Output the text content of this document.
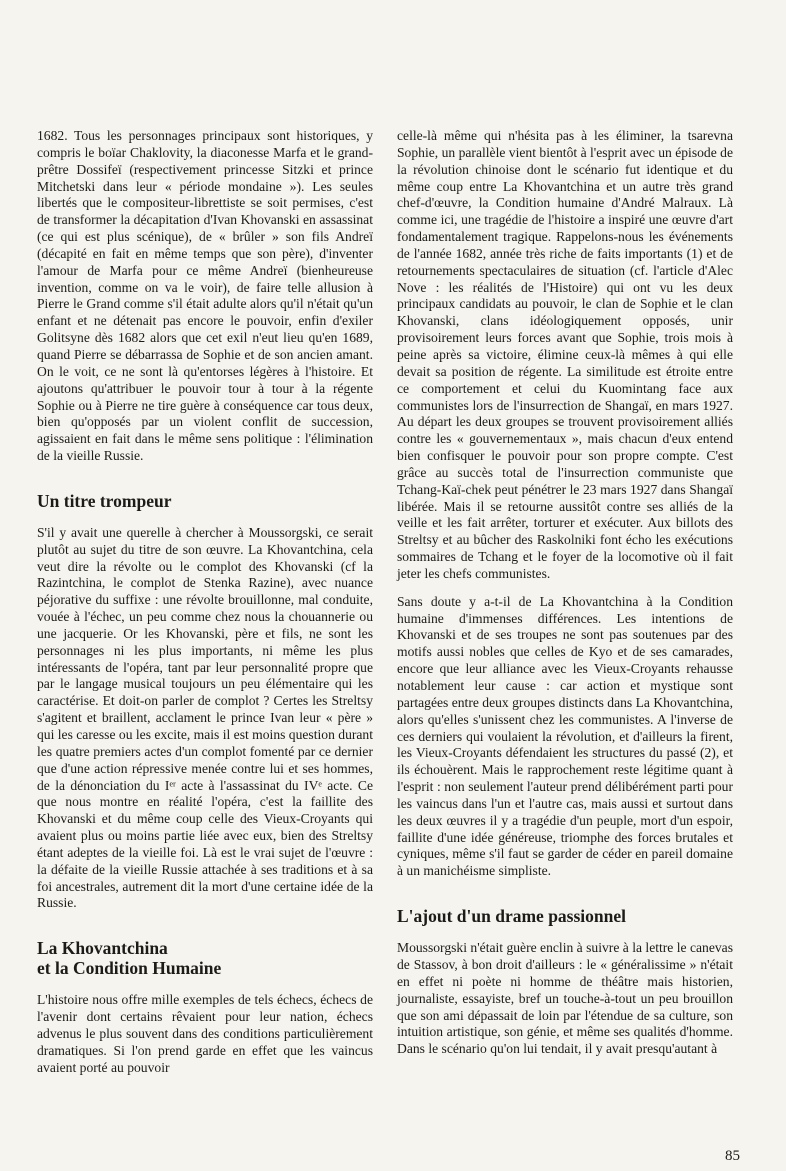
1682. Tous les personnages principaux sont historiques, y compris le boïar Chaklovity, la diaconesse Marfa et le grand-prêtre Dossifeï (respectivement princesse Sitzki et prince Mitchetski dans leur « période mondaine »). Les seules libertés que le compositeur-librettiste se soit permises, c'est de transformer la décapitation d'Ivan Khovanski en assassinat (ce qui est plus scénique), de « brûler » son fils Andreï (décapité en fait en même temps que son père), d'inventer l'amour de Marfa pour ce même Andreï (bienheureuse invention, comme on va le voir), de faire telle allusion à Pierre le Grand comme s'il était adulte alors qu'il n'était qu'un enfant et ne détenait pas encore le pouvoir, enfin d'exiler Golitsyne dès 1682 alors que cet exil n'eut lieu qu'en 1689, quand Pierre se débarrassa de Sophie et de son ancien amant. On le voit, ce ne sont là qu'entorses légères à l'histoire. Et ajoutons qu'attribuer le pouvoir tour à tour à la régente Sophie ou à Pierre ne tire guère à conséquence car tous deux, bien qu'opposés par un violent conflit de succession, agissaient en fait dans le même sens politique : l'élimination de la vieille Russie.

Un titre trompeur

S'il y avait une querelle à chercher à Moussorgski, ce serait plutôt au sujet du titre de son œuvre. La Khovantchina, cela veut dire la révolte ou le complot des Khovanski (cf la Razintchina, le complot de Stenka Razine), avec nuance péjorative du suffixe : une révolte brouillonne, mal conduite, vouée à l'échec, un peu comme chez nous la chouannerie ou une jacquerie. Or les Khovanski, père et fils, ne sont les personnages ni les plus importants, ni même les plus intéressants de l'opéra, tant par leur personnalité propre que par le langage musical toujours un peu élémentaire qui les caractérise. Et doit-on parler de complot ? Certes les Streltsy s'agitent et braillent, acclament le prince Ivan leur « père » qui les caresse ou les excite, mais il est moins question durant les quatre premiers actes d'un complot fomenté par ce dernier que d'une action répressive menée contre lui et ses hommes, de la dénonciation du Iᵉʳ acte à l'assassinat du IVᵉ acte. Ce que nous montre en réalité l'opéra, c'est la faillite des Khovanski et du même coup celle des Vieux-Croyants qui avaient plus ou moins partie liée avec eux, bien des Streltsy étant adeptes de la vieille foi. Là est le vrai sujet de l'œuvre : la défaite de la vieille Russie attachée à ses traditions et à sa foi ancestrales, autrement dit la mort d'une certaine idée de la Russie.

La Khovantchina
et la Condition Humaine

L'histoire nous offre mille exemples de tels échecs, échecs de l'avenir dont certains rêvaient pour leur nation, échecs advenus le plus souvent dans des conditions particulièrement dramatiques. Si l'on prend garde en effet que les vaincus avaient porté au pouvoir

celle-là même qui n'hésita pas à les éliminer, la tsarevna Sophie, un parallèle vient bientôt à l'esprit avec un épisode de la révolution chinoise dont le scénario fut identique et du même coup entre La Khovantchina et un autre très grand chef-d'œuvre, la Condition humaine d'André Malraux. Là comme ici, une tragédie de l'histoire a inspiré une œuvre d'art fondamentalement tragique. Rappelons-nous les événements de l'année 1682, année très riche de faits importants (1) et de retournements spectaculaires de situation (cf. l'article d'Alec Nove : les réalités de l'Histoire) qui ont vu les deux principaux candidats au pouvoir, le clan de Sophie et le clan Khovanski, clans idéologiquement opposés, unir provisoirement leurs forces avant que Sophie, trois mois à peine après sa victoire, élimine ceux-là mêmes à qui elle devait sa position de régente. La similitude est étroite entre ce comportement et celui du Kuomintang face aux communistes lors de l'insurrection de Shangaï, en mars 1927. Au départ les deux groupes se trouvent provisoirement alliés contre les « gouvernementaux », mais chacun d'eux entend bien confisquer le pouvoir pour son propre compte. C'est grâce au succès total de l'insurrection communiste que Tchang-Kaï-chek peut pénétrer le 23 mars 1927 dans Shangaï libérée. Mais il se retourne aussitôt contre ses alliés de la veille et les fait arrêter, torturer et exécuter. Aux billots des Streltsy et au bûcher des Raskolniki font écho les exécutions sommaires de Tchang et le foyer de la locomotive où il fait jeter les chefs communistes.

Sans doute y a-t-il de La Khovantchina à la Condition humaine d'immenses différences. Les intentions de Khovanski et de ses troupes ne sont pas soutenues par des motifs aussi nobles que celles de Kyo et de ses camarades, encore que leur alliance avec les Vieux-Croyants rehausse notablement leur cause : car action et mystique sont partagées entre deux groupes distincts dans La Khovantchina, alors qu'elles s'unissent chez les communistes. A l'inverse de ces derniers qui voulaient la révolution, et d'ailleurs la firent, les Vieux-Croyants défendaient les structures du passé (2), et ils échouèrent. Mais le rapprochement reste légitime quant à l'esprit : non seulement l'auteur prend délibérément parti pour les vaincus dans l'un et l'autre cas, mais aussi et surtout dans les deux œuvres il y a tragédie d'un peuple, mort d'un espoir, faillite d'une idée généreuse, triomphe des forces brutales et cyniques, même s'il faut se garder de céder en pareil domaine à un manichéisme simpliste.

L'ajout d'un drame passionnel

Moussorgski n'était guère enclin à suivre à la lettre le canevas de Stassov, à bon droit d'ailleurs : le « généralissime » n'était en effet ni poète ni homme de théâtre mais historien, journaliste, essayiste, bref un touche-à-tout un peu brouillon que son ami dépassait de loin par l'étendue de sa culture, son intuition artistique, son génie, et même ses qualités d'homme. Dans le scénario qu'on lui tendait, il y avait presqu'autant à

85
